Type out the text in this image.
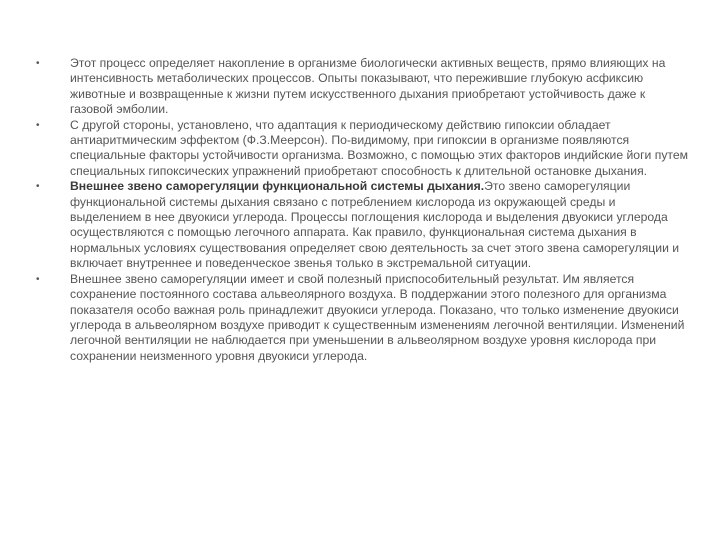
•	Этот процесс определяет накопление в организме биологически активных веществ, прямо влияющих на интенсивность метаболических процессов. Опыты показывают, что пережившие глубокую асфиксию животные и возвращенные к жизни путем искусственного дыхания приобретают устойчивость даже к газовой эмболии.
•	С другой стороны, установлено, что адаптация к периодическому действию гипоксии обладает антиаритмическим эффектом (Ф.З.Меерсон). По-видимому, при гипоксии в организме появляются специальные факторы устойчивости организма. Возможно, с помощью этих факторов индийские йоги путем специальных гипоксических упражнений приобретают способность к длительной остановке дыхания.
•	Внешнее звено саморегуляции функциональной системы дыхания.Это звено саморегуляции функциональной системы дыхания связано с потреблением кислорода из окружающей среды и выделением в нее двуокиси углерода. Процессы поглощения кислорода и выделения двуокиси углерода осуществляются с помощью легочного аппарата. Как правило, функциональная система дыхания в нормальных условиях существования определяет свою деятельность за счет этого звена саморегуляции и включает внутреннее и поведенческое звенья только в экстремальной ситуации.
•	Внешнее звено саморегуляции имеет и свой полезный приспособительный результат. Им является сохранение постоянного состава альвеолярного воздуха. В поддержании этого полезного для организма показателя особо важная роль принадлежит двуокиси углерода. Показано, что только изменение двуокиси углерода в альвеолярном воздухе приводит к существенным изменениям легочной вентиляции. Изменений легочной вентиляции не наблюдается при уменьшении в альвеолярном воздухе уровня кислорода при сохранении неизменного уровня двуокиси углерода.
